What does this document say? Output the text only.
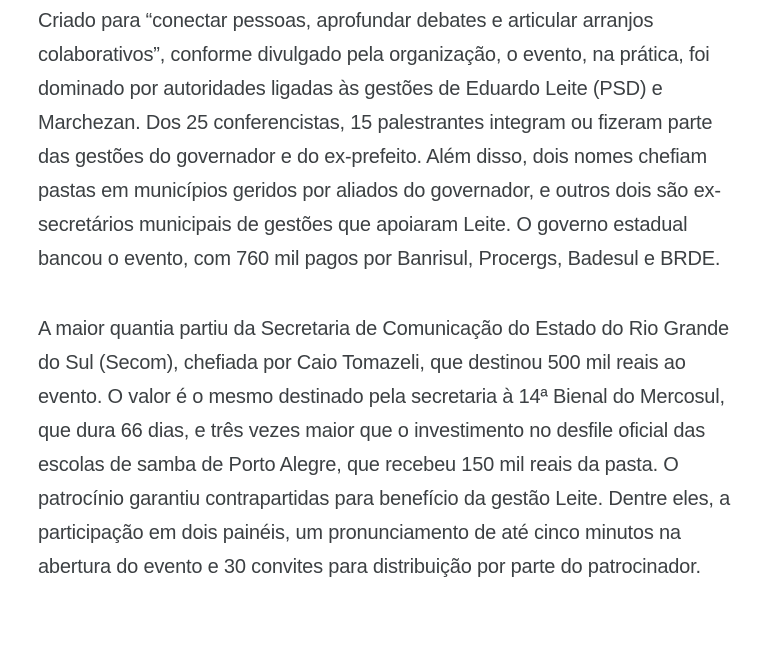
Criado para “conectar pessoas, aprofundar debates e articular arranjos colaborativos”, conforme divulgado pela organização, o evento, na prática, foi dominado por autoridades ligadas às gestões de Eduardo Leite (PSD) e Marchezan. Dos 25 conferencistas, 15 palestrantes integram ou fizeram parte das gestões do governador e do ex-prefeito. Além disso, dois nomes chefiam pastas em municípios geridos por aliados do governador, e outros dois são ex-secretários municipais de gestões que apoiaram Leite. O governo estadual bancou o evento, com 760 mil pagos por Banrisul, Procergs, Badesul e BRDE.

A maior quantia partiu da Secretaria de Comunicação do Estado do Rio Grande do Sul (Secom), chefiada por Caio Tomazeli, que destinou 500 mil reais ao evento. O valor é o mesmo destinado pela secretaria à 14ª Bienal do Mercosul, que dura 66 dias, e três vezes maior que o investimento no desfile oficial das escolas de samba de Porto Alegre, que recebeu 150 mil reais da pasta. O patrocínio garantiu contrapartidas para benefício da gestão Leite. Dentre eles, a participação em dois painéis, um pronunciamento de até cinco minutos na abertura do evento e 30 convites para distribuição por parte do patrocinador.
